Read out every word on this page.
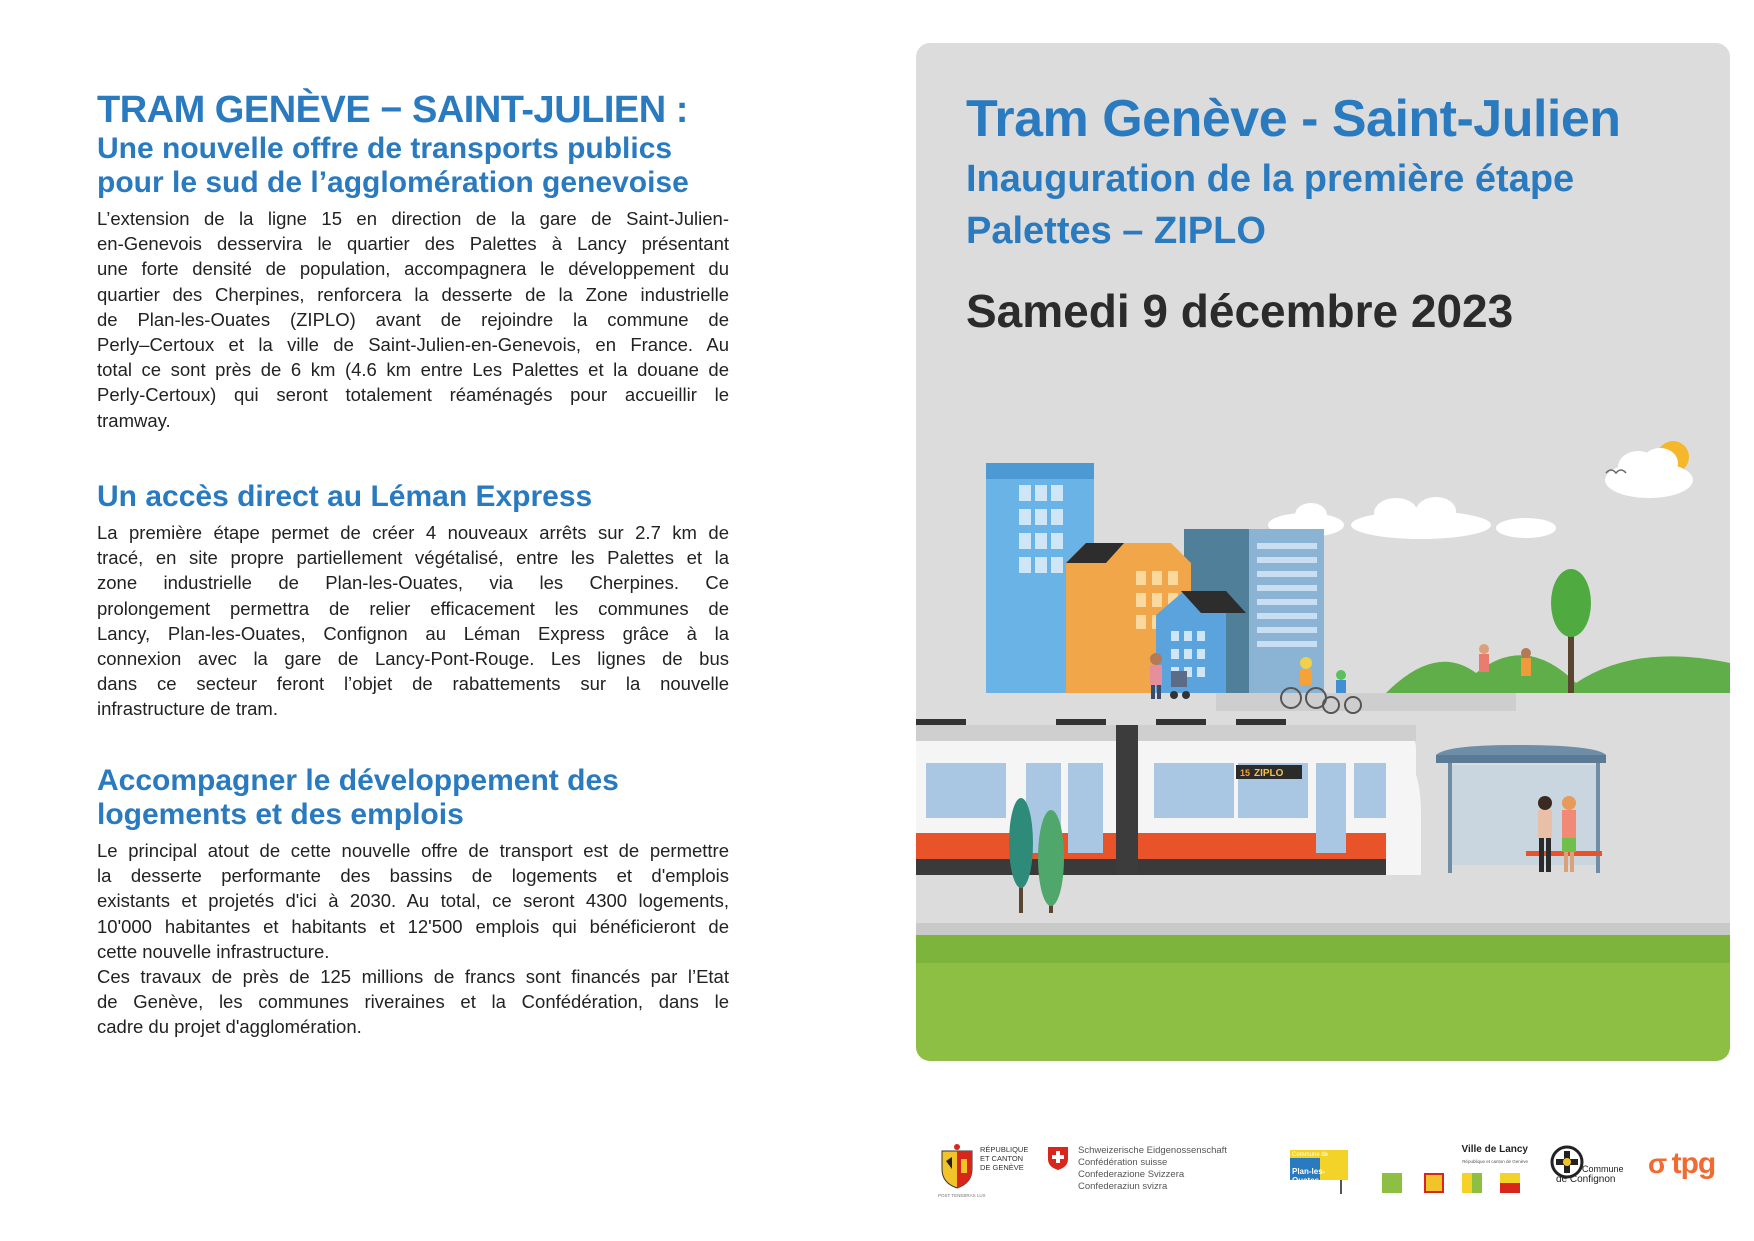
TRAM GENÈVE − SAINT-JULIEN :
Une nouvelle offre de transports publics
pour le sud de l’agglomération genevoise
L’extension de la ligne 15 en direction de la gare de Saint-Julien-
en-Genevois desservira le quartier des Palettes à Lancy présentant
une forte densité de population, accompagnera le développement du
quartier des Cherpines, renforcera la desserte de la Zone industrielle
de Plan-les-Ouates (ZIPLO) avant de rejoindre la commune de
Perly–Certoux et la ville de Saint-Julien-en-Genevois, en France. Au
total ce sont près de 6 km (4.6 km entre Les Palettes et la douane de
Perly-Certoux) qui seront totalement réaménagés pour accueillir le
tramway.
Un accès direct au Léman Express
La première étape permet de créer 4 nouveaux arrêts sur 2.7 km de
tracé, en site propre partiellement végétalisé, entre les Palettes et la
zone industrielle de Plan-les-Ouates, via les Cherpines. Ce
prolongement permettra de relier efficacement les communes de
Lancy, Plan-les-Ouates, Confignon au Léman Express grâce à la
connexion avec la gare de Lancy-Pont-Rouge. Les lignes de bus
dans ce secteur feront l’objet de rabattements sur la nouvelle
infrastructure de tram.
Accompagner le développement des
logements et des emplois
Le principal atout de cette nouvelle offre de transport est de permettre
la desserte performante des bassins de logements et d'emplois
existants et projetés d'ici à 2030. Au total, ce seront 4300 logements,
10'000 habitantes et habitants et 12'500 emplois qui bénéficieront de
cette nouvelle infrastructure.
Ces travaux de près de 125 millions de francs sont financés par l’Etat
de Genève, les communes riveraines et la Confédération, dans le
cadre du projet d'agglomération.
ZIPLO
15
Tram Genève - Saint-Julien
Inauguration de la première étape
Palettes – ZIPLO
Samedi 9 décembre 2023
RÉPUBLIQUE
ET CANTON
DE GENÈVE
POST TENEBRAS LUX
Schweizerische Eidgenossenschaft
Confédération suisse
Confederazione Svizzera
Confederaziun svizra
Commune de
Plan-les-Ouates
Ville de Lancy
République et canton de Genève
Commune
de Confignon
σ tpg
